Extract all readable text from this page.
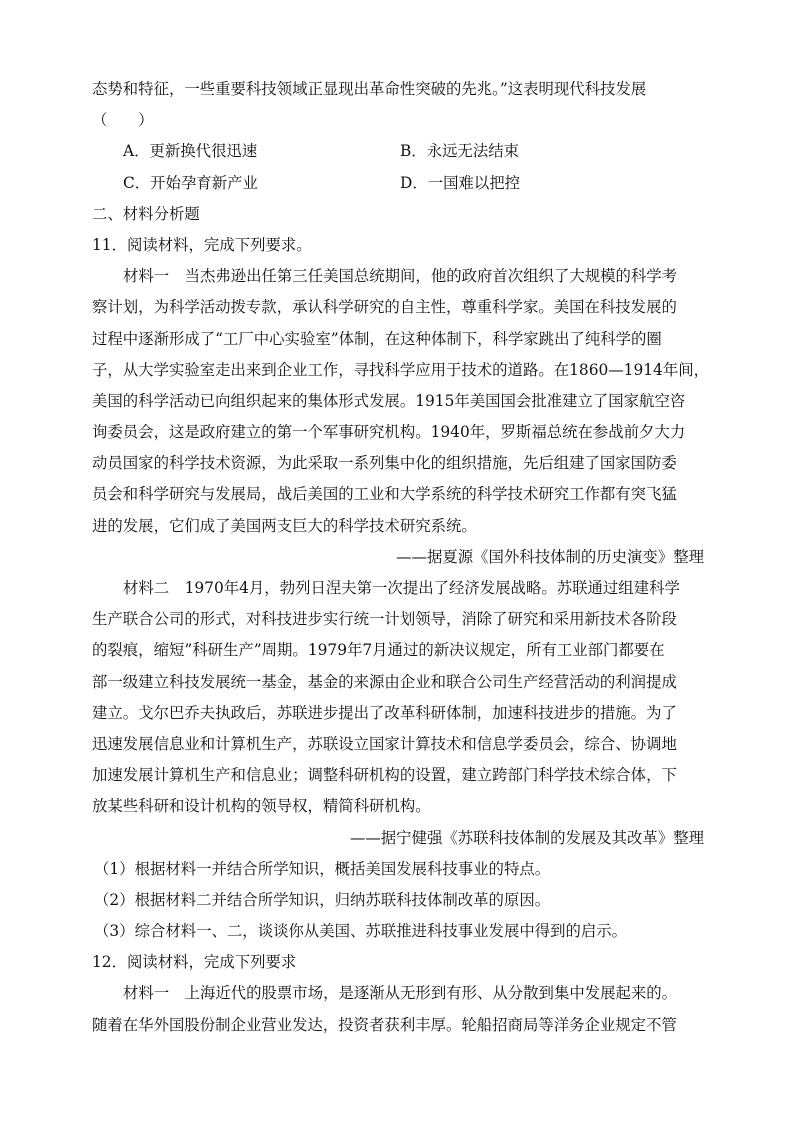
态势和特征，一些重要科技领域正显现出革命性突破的先兆。”这表明现代科技发展
（　　）
A．更新换代很迅速	B．永远无法结束
C．开始孕育新产业	D．一国难以把控
二、材料分析题
11．阅读材料，完成下列要求。
材料一　当杰弗逊出任第三任美国总统期间，他的政府首次组织了大规模的科学考
察计划，为科学活动拨专款，承认科学研究的自主性，尊重科学家。美国在科技发展的
过程中逐渐形成了“工厂中心实验室”体制，在这种体制下，科学家跳出了纯科学的圈
子，从大学实验室走出来到企业工作，寻找科学应用于技术的道路。在1860—1914年间，
美国的科学活动已向组织起来的集体形式发展。1915年美国国会批准建立了国家航空咨
询委员会，这是政府建立的第一个军事研究机构。1940年，罗斯福总统在参战前夕大力
动员国家的科学技术资源，为此采取一系列集中化的组织措施，先后组建了国家国防委
员会和科学研究与发展局，战后美国的工业和大学系统的科学技术研究工作都有突飞猛
进的发展，它们成了美国两支巨大的科学技术研究系统。
——据夏源《国外科技体制的历史演变》整理
材料二　1970年4月，勃列日涅夫第一次提出了经济发展战略。苏联通过组建科学
生产联合公司的形式，对科技进步实行统一计划领导，消除了研究和采用新技术各阶段
的裂痕，缩短”科研生产”周期。1979年7月通过的新决议规定，所有工业部门都要在
部一级建立科技发展统一基金，基金的来源由企业和联合公司生产经营活动的利润提成
建立。戈尔巴乔夫执政后，苏联进步提出了改革科研体制，加速科技进步的措施。为了
迅速发展信息业和计算机生产，苏联设立国家计算技术和信息学委员会，综合、协调地
加速发展计算机生产和信息业；调整科研机构的设置，建立跨部门科学技术综合体，下
放某些科研和设计机构的领导权，精简科研机构。
——据宁健强《苏联科技体制的发展及其改革》整理
（1）根据材料一并结合所学知识，概括美国发展科技事业的特点。
（2）根据材料二并结合所学知识，归纳苏联科技体制改革的原因。
（3）综合材料一、二，谈谈你从美国、苏联推进科技事业发展中得到的启示。
12．阅读材料，完成下列要求
材料一　上海近代的股票市场，是逐渐从无形到有形、从分散到集中发展起来的。
随着在华外国股份制企业营业发达，投资者获利丰厚。轮船招商局等洋务企业规定不管
